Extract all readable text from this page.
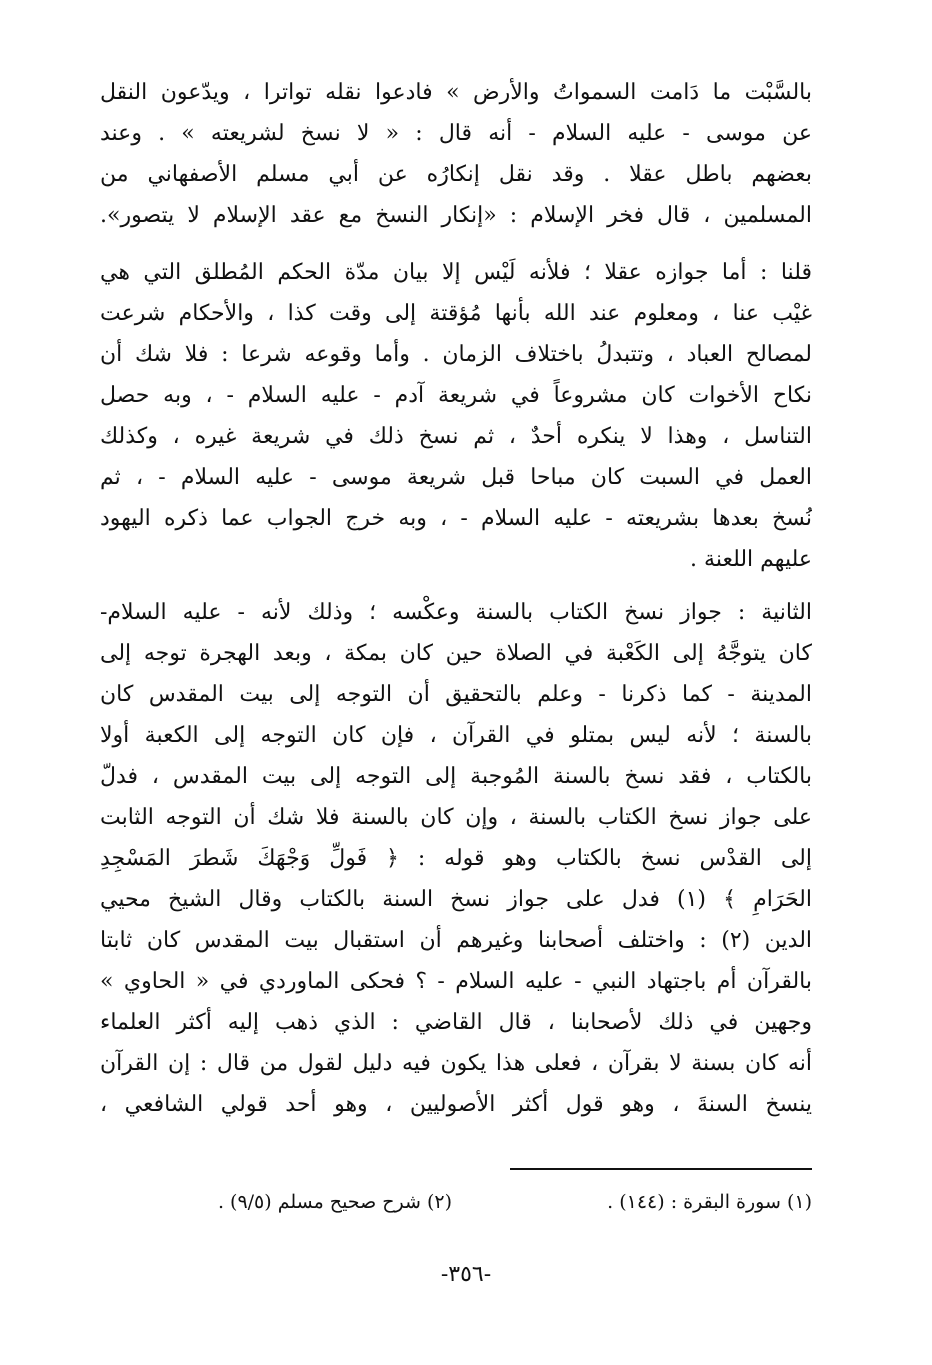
بالسَّبْت ما دَامت السمواتُ والأرض » فادعوا نقله تواترا ، ويدّعون النقل
عن موسى - عليه السلام - أنه قال : « لا نسخ لشريعته » . وعند
بعضهم باطل عقلا . وقد نقل إنكارُه عن أبي مسلم الأصفهاني من
المسلمين ، قال فخر الإسلام : «إنكار النسخ مع عقد الإسلام لا يتصور».
قلنا : أما جوازه عقلا ؛ فلأنه لَيْس إلا بيان مدّة الحكم المُطلق التي هي
غيْب عنا ، ومعلوم عند الله بأنها مُؤقتة إلى وقت كذا ، والأحكام شرعت
لمصالح العباد ، وتتبدلُ باختلاف الزمان . وأما وقوعه شرعا : فلا شك أن
نكاح الأخوات كان مشروعاً في شريعة آدم - عليه السلام - ، وبه حصل
التناسل ، وهذا لا ينكره أحدٌ ، ثم نسخ ذلك في شريعة غيره ، وكذلك
العمل في السبت كان مباحا قبل شريعة موسى - عليه السلام - ، ثم
نُسخ بعدها بشريعته - عليه السلام - ، وبه خرج الجواب عما ذكره اليهود
عليهم اللعنة .
الثانية : جواز نسخ الكتاب بالسنة وعكْسه ؛ وذلك لأنه - عليه السلام-
كان يتوجَّهُ إلى الكَعْبة في الصلاة حين كان بمكة ، وبعد الهجرة توجه إلى
المدينة - كما ذكرنا - وعلم بالتحقيق أن التوجه إلى بيت المقدس كان
بالسنة ؛ لأنه ليس بمتلو في القرآن ، فإن كان التوجه إلى الكعبة أولا
بالكتاب ، فقد نسخ بالسنة المُوجبة إلى التوجه إلى بيت المقدس ، فدلّ
على جواز نسخ الكتاب بالسنة ، وإن كان بالسنة فلا شك أن التوجه الثابت
إلى القدْس نسخ بالكتاب وهو قوله : ﴿ فَولِّ وَجْهَكَ شَطرَ المَسْجِدِ
الحَرَامِ ﴾ (١) فدل على جواز نسخ السنة بالكتاب وقال الشيخ محيي
الدين (٢) : واختلف أصحابنا وغيرهم أن استقبال بيت المقدس كان ثابتا
بالقرآن أم باجتهاد النبي - عليه السلام - ؟ فحكى الماوردي في « الحاوي »
وجهين في ذلك لأصحابنا ، قال القاضي : الذي ذهب إليه أكثر العلماء
أنه كان بسنة لا بقرآن ، فعلى هذا يكون فيه دليل لقول من قال : إن القرآن
ينسخ السنةَ ، وهو قول أكثر الأصوليين ، وهو أحد قولي الشافعي ،
(١) سورة البقرة : (١٤٤) .
(٢) شرح صحيح مسلم (٩/٥) .
-٣٥٦-
